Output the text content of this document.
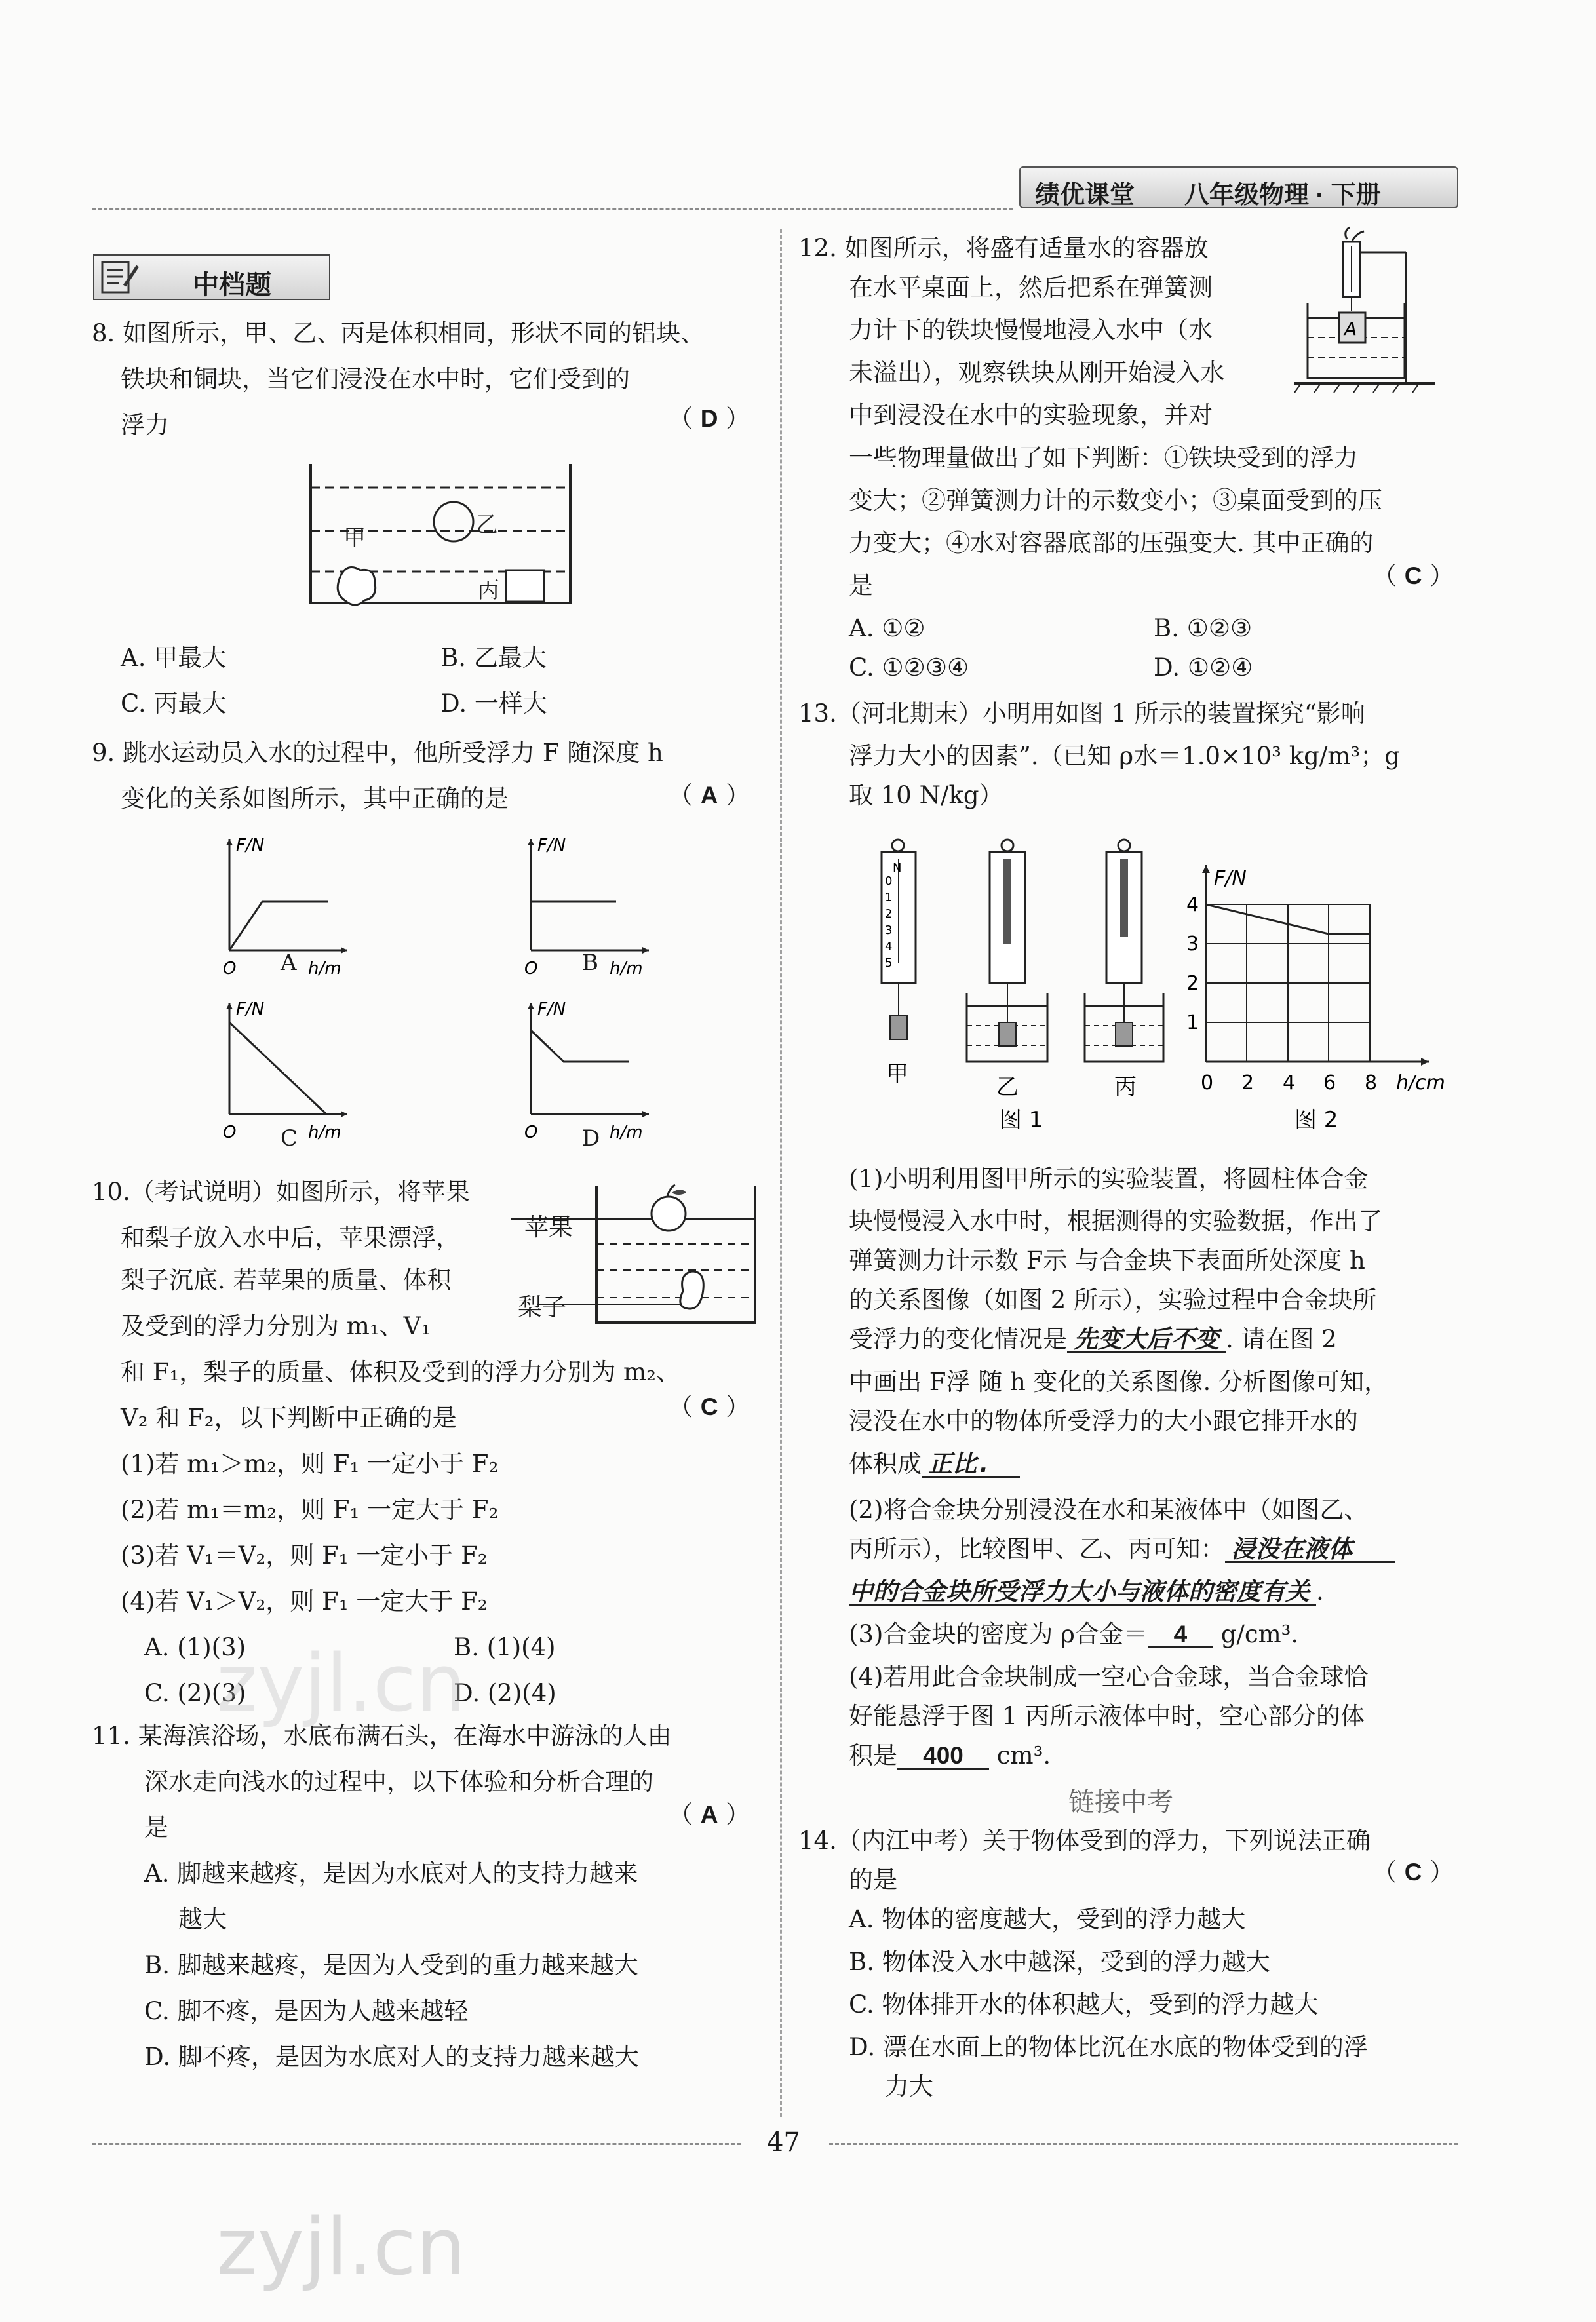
绩优课堂 八年级物理 · 下册
中档题
8. 如图所示，甲、乙、丙是体积相同，形状不同的铝块、
铁块和铜块，当它们浸没在水中时，它们受到的
浮力	（ D ）
甲	乙
丙
A. 甲最大	B. 乙最大
C. 丙最大	D. 一样大
9. 跳水运动员入水的过程中，他所受浮力 F 随深度 h
变化的关系如图所示，其中正确的是	（ A ）
F/N
O	h/m
A
F/N
O	h/m
B
F/N
O	h/m
C
F/N
O	h/m
D
10.（考试说明）如图所示，将苹果
和梨子放入水中后，苹果漂浮，
梨子沉底. 若苹果的质量、体积
及受到的浮力分别为 m₁、V₁
和 F₁，梨子的质量、体积及受到的浮力分别为 m₂、
V₂ 和 F₂，以下判断中正确的是	（ C ）
苹果
梨子
(1)若 m₁＞m₂，则 F₁ 一定小于 F₂
(2)若 m₁＝m₂，则 F₁ 一定大于 F₂
(3)若 V₁＝V₂，则 F₁ 一定小于 F₂
(4)若 V₁＞V₂，则 F₁ 一定大于 F₂
A. (1)(3)	B. (1)(4)
C. (2)(3)	D. (2)(4)
11. 某海滨浴场，水底布满石头，在海水中游泳的人由
深水走向浅水的过程中，以下体验和分析合理的
是	（ A ）
A. 脚越来越疼，是因为水底对人的支持力越来
越大
B. 脚越来越疼，是因为人受到的重力越来越大
C. 脚不疼，是因为人越来越轻
D. 脚不疼，是因为水底对人的支持力越来越大
12. 如图所示，将盛有适量水的容器放
在水平桌面上，然后把系在弹簧测
力计下的铁块慢慢地浸入水中（水
未溢出），观察铁块从刚开始浸入水
中到浸没在水中的实验现象，并对
一些物理量做出了如下判断：①铁块受到的浮力
变大；②弹簧测力计的示数变小；③桌面受到的压
力变大；④水对容器底部的压强变大. 其中正确的
是	（ C ）
A
A. ①②	B. ①②③
C. ①②③④	D. ①②④
13.（河北期末）小明用如图 1 所示的装置探究“影响
浮力大小的因素”.（已知 ρ水＝1.0×10³ kg/m³；g
取 10 N/kg）
甲	乙	丙
N
0
1
2
3
4
5
图 1
F/N
h/cm
1
2
3
4
0 2 4 6 8
图 2
(1)小明利用图甲所示的实验装置，将圆柱体合金
块慢慢浸入水中时，根据测得的实验数据，作出了
弹簧测力计示数 F示 与合金块下表面所处深度 h
的关系图像（如图 2 所示），实验过程中合金块所
受浮力的变化情况是 先变大后不变 . 请在图 2
中画出 F浮 随 h 变化的关系图像. 分析图像可知，
浸没在水中的物体所受浮力的大小跟它排开水的
体积成 正比.
(2)将合金块分别浸没在水和某液体中（如图乙、
丙所示），比较图甲、乙、丙可知： 浸没在液体
中的合金块所受浮力大小与液体的密度有关 .
(3)合金块的密度为 ρ合金＝ 4 g/cm³.
(4)若用此合金块制成一空心合金球，当合金球恰
好能悬浮于图 1 丙所示液体中时，空心部分的体
积是 400 cm³.
链接中考
14.（内江中考）关于物体受到的浮力，下列说法正确
的是	（ C ）
A. 物体的密度越大，受到的浮力越大
B. 物体没入水中越深，受到的浮力越大
C. 物体排开水的体积越大，受到的浮力越大
D. 漂在水面上的物体比沉在水底的物体受到的浮
力大
47
zyjl.cn
zyjl.cn
